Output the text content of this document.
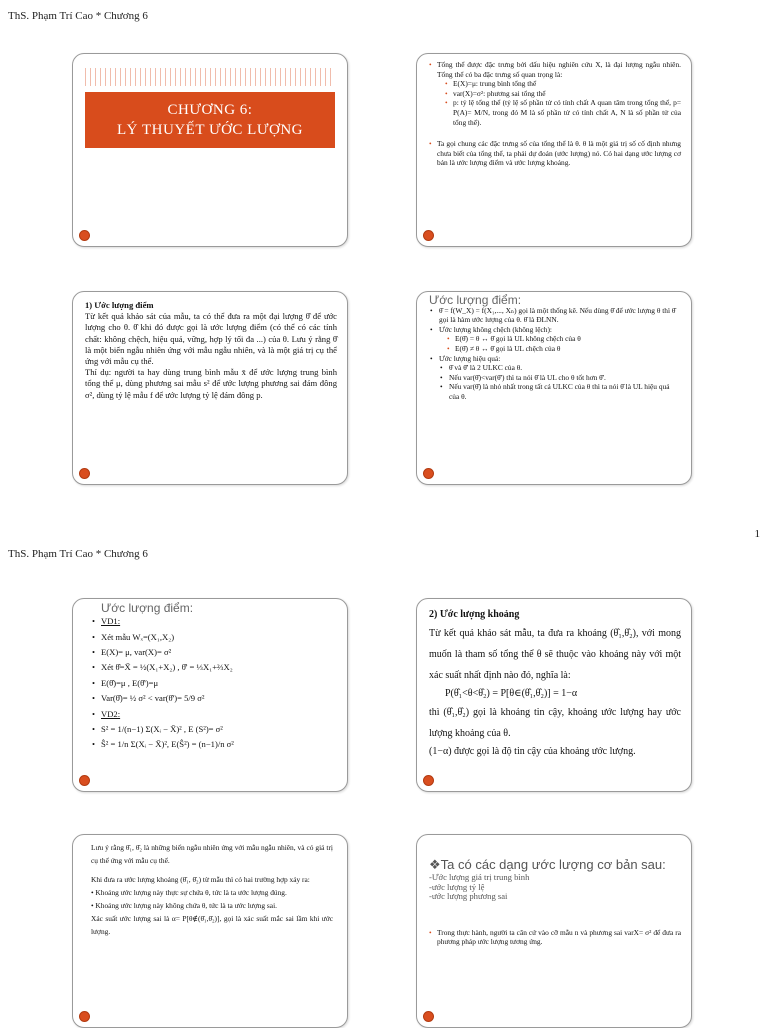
ThS. Phạm Trí Cao * Chương 6
CHƯƠNG 6:
LÝ THUYẾT ƯỚC LƯỢNG
• Tổng thể được đặc trưng bởi dấu hiệu nghiên cứu X, là đại lượng ngẫu nhiên. Tổng thể có ba đặc trưng số quan trọng là:
• E(X)=μ: trung bình tổng thể
• var(X)=σ²: phương sai tổng thể
• p: tỷ lệ tổng thể (tỷ lệ số phần tử có tính chất A quan tâm trong tổng thể, p= P(A)= M/N, trong đó M là số phần tử có tính chất A, N là số phần tử của tổng thể).
• Ta gọi chung các đặc trưng số của tổng thể là θ. θ là một giá trị số cố định nhưng chưa biết của tổng thể, ta phải dự đoán (ước lượng) nó. Có hai dạng ước lượng cơ bản là ước lượng điểm và ước lượng khoảng.

1) Ước lượng điểm

Từ kết quả khảo sát của mẫu, ta có thể đưa ra một đại lượng θ̂ để ước lượng cho θ. θ̂ khi đó được gọi là ước lượng điểm (có thể có các tính chất: không chệch, hiệu quả, vững, hợp lý tối đa ...) của θ. Lưu ý rằng θ̂ là một biến ngẫu nhiên ứng với mẫu ngẫu nhiên, và là một giá trị cụ thể ứng với mẫu cụ thể.

Thí dụ: người ta hay dùng trung bình mẫu x̄ để ước lượng trung bình tổng thể μ, dùng phương sai mẫu s² để ước lượng phương sai đám đông σ², dùng tỷ lệ mẫu f để ước lượng tỷ lệ đám đông p.

Ước lượng điểm:

• θ̂ = f(W_X) = f(X₁,..., Xₙ) gọi là một thống kê. Nếu dùng θ̂ để ước lượng θ thì θ̂ gọi là hàm ước lượng của θ. θ̂ là ĐLNN.
• Ước lượng không chệch (không lệch):
• E(θ̂) = θ ↔ θ̂ gọi là UL không chệch của θ
• E(θ̂) ≠ θ ↔ θ̂ gọi là UL chệch của θ
• Ước lượng hiệu quả:
• θ̂ và θ̂' là 2 ULKC của θ.
• Nếu var(θ̂)<var(θ̂') thì ta nói θ̂ là UL cho θ tốt hơn θ̂'.
• Nếu var(θ̂) là nhỏ nhất trong tất cả ULKC của θ thì ta nói θ̂ là UL hiệu quả của θ.
1
ThS. Phạm Trí Cao * Chương 6

Ước lượng điểm:

• VD1:
• Xét mẫu Wₓ=(X₁,X₂)
• E(X)= μ, var(X)= σ²
• Xét θ̂=X̄ = ½(X₁+X₂) , θ̂' = ⅓X₁+⅔X₂
• E(θ̂)=μ , E(θ̂')=μ
• Var(θ̂)= ½ σ² < var(θ̂')= 5/9 σ²
• VD2:
• S² = 1/(n−1) Σ(Xᵢ − X̄)² , E (S²)= σ²
• Ŝ² = 1/n Σ(Xᵢ − X̄)², E(Ŝ²) = (n−1)/n σ²

2) Ước lượng khoảng

Từ kết quả khảo sát mẫu, ta đưa ra khoảng (θ̂₁,θ̂₂), với mong muốn là tham số tổng thể θ sẽ thuộc vào khoảng này với một xác suất nhất định nào đó, nghĩa là:

P(θ̂₁<θ<θ̂₂) = P[θ∈(θ̂₁,θ̂₂)] = 1−α

thì (θ̂₁,θ̂₂) gọi là khoảng tin cậy, khoảng ước lượng hay ước lượng khoảng của θ.

(1−α) được gọi là độ tin cậy của khoảng ước lượng.

Lưu ý rằng θ̂₁, θ̂₂ là những biến ngẫu nhiên ứng với mẫu ngẫu nhiên, và có giá trị cụ thể ứng với mẫu cụ thể.

Khi đưa ra ước lượng khoảng (θ̂₁, θ̂₂) từ mẫu thì có hai trường hợp xảy ra:

• Khoảng ước lượng này thực sự chứa θ, tức là ta ước lượng đúng.

• Khoảng ước lượng này không chứa θ, tức là ta ước lượng sai.

Xác suất ước lượng sai là α= P[θ∉(θ̂₁,θ̂₂)], gọi là xác suất mắc sai lầm khi ước lượng.

❖Ta có các dạng ước lượng cơ bản sau:

-Ước lượng giá trị trung bình

-ước lượng tỷ lệ

-ước lượng phương sai

• Trong thực hành, người ta căn cứ vào cỡ mẫu n và phương sai varX= σ² để đưa ra phương pháp ước lượng tương ứng.
